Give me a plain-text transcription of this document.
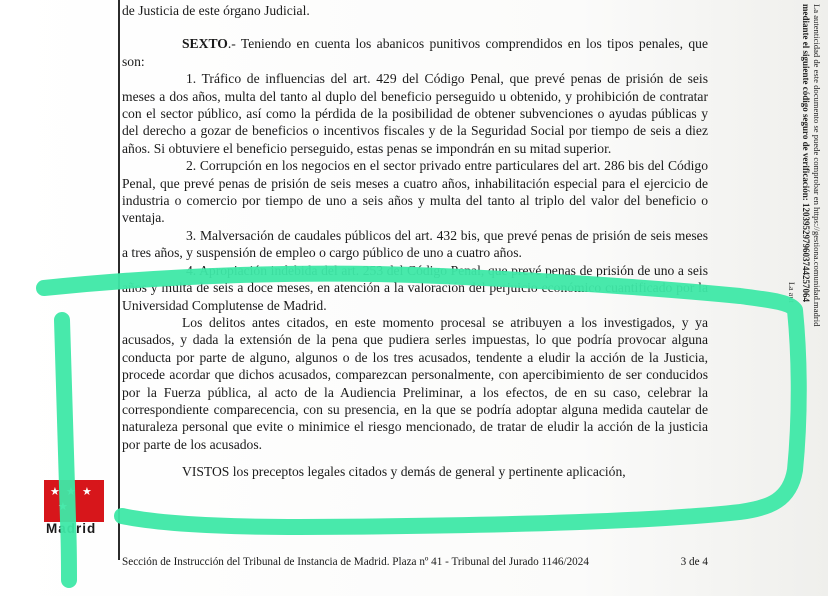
de Justicia de este órgano Judicial.

SEXTO.- Teniendo en cuenta los abanicos punitivos comprendidos en los tipos penales, que son:

1. Tráfico de influencias del art. 429 del Código Penal, que prevé penas de prisión de seis meses a dos años, multa del tanto al duplo del beneficio perseguido u obtenido, y prohibición de contratar con el sector público, así como la pérdida de la posibilidad de obtener subvenciones o ayudas públicas y del derecho a gozar de beneficios o incentivos fiscales y de la Seguridad Social por tiempo de seis a diez años. Si obtuviere el beneficio perseguido, estas penas se impondrán en su mitad superior.

2. Corrupción en los negocios en el sector privado entre particulares del art. 286 bis del Código Penal, que prevé penas de prisión de seis meses a cuatro años, inhabilitación especial para el ejercicio de industria o comercio por tiempo de uno a seis años y multa del tanto al triplo del valor del beneficio o ventaja.

3. Malversación de caudales públicos del art. 432 bis, que prevé penas de prisión de seis meses a tres años, y suspensión de empleo o cargo público de uno a cuatro años.

4. Apropiación indebida del art. 253 del Código Penal, que prevé penas de prisión de uno a seis años y multa de seis a doce meses, en atención a la valoración del perjuicio económico cuantificado por la Universidad Complutense de Madrid.

Los delitos antes citados, en este momento procesal se atribuyen a los investigados, y ya acusados, y dada la extensión de la pena que pudiera serles impuestas, lo que podría provocar alguna conducta por parte de alguno, algunos o de los tres acusados, tendente a eludir la acción de la Justicia, procede acordar que dichos acusados, comparezcan personalmente, con apercibimiento de ser conducidos por la Fuerza pública, al acto de la Audiencia Preliminar, a los efectos, de en su caso, celebrar la correspondiente comparecencia, con su presencia, en la que se podría adoptar alguna medida cautelar de naturaleza personal que evite o minimice el riesgo mencionado, de tratar de eludir la acción de la justicia por parte de los acusados.

VISTOS los preceptos legales citados y demás de general y pertinente aplicación,

La autenticidad de este documento se puede comprobar en https://gestiona.comunidad.madrid
mediante el siguiente código seguro de verificación: 1203952979603744257064
La aut
★ ★ ★
★
Madrid
Sección de Instrucción del Tribunal de Instancia de Madrid. Plaza nº 41 - Tribunal del Jurado 1146/2024	3 de 4
